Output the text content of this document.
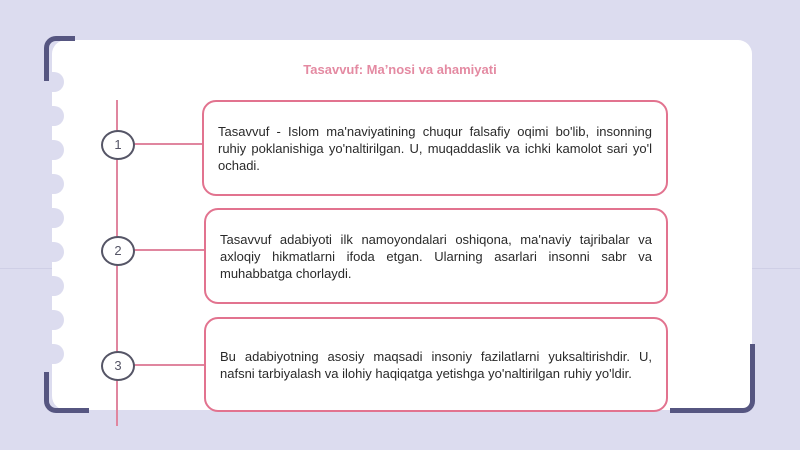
Tasavvuf: Ma’nosi va ahamiyati
1

Tasavvuf - Islom ma'naviyatining chuqur falsafiy oqimi bo'lib, insonning ruhiy poklanishiga yo'naltirilgan. U, muqaddaslik va ichki kamolot sari yo'l ochadi.

2

Tasavvuf adabiyoti ilk namoyondalari oshiqona, ma'naviy tajribalar va axloqiy hikmatlarni ifoda etgan. Ularning asarlari insonni sabr va muhabbatga chorlaydi.

3

Bu adabiyotning asosiy maqsadi insoniy fazilatlarni yuksaltirishdir. U, nafsni tarbiyalash va ilohiy haqiqatga yetishga yo'naltirilgan ruhiy yo'ldir.
